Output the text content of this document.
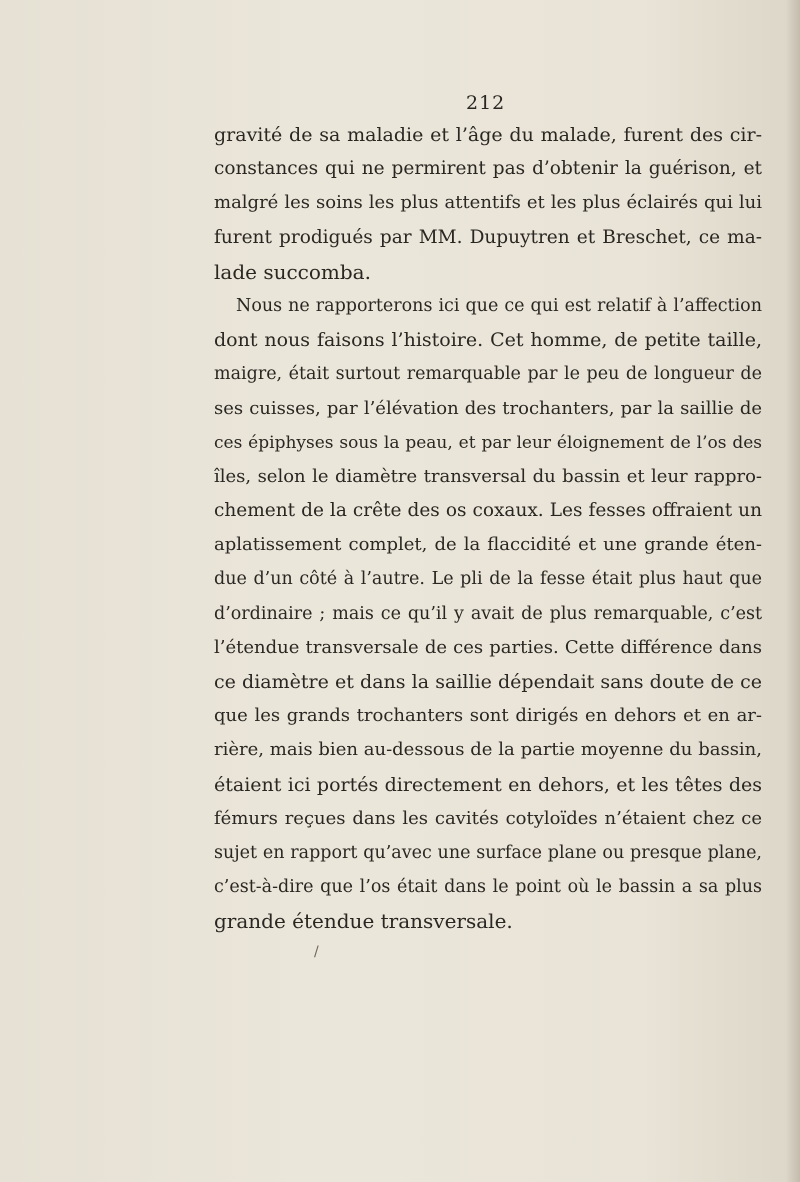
212
gravité de sa maladie et l’âge du malade, furent des cir-
constances qui ne permirent pas d’obtenir la guérison, et
malgré les soins les plus attentifs et les plus éclairés qui lui
furent prodigués par MM. Dupuytren et Breschet, ce ma-
lade succomba.
Nous ne rapporterons ici que ce qui est relatif à l’affection
dont nous faisons l’histoire. Cet homme, de petite taille,
maigre, était surtout remarquable par le peu de longueur de
ses cuisses, par l’élévation des trochanters, par la saillie de
ces épiphyses sous la peau, et par leur éloignement de l’os des
îles, selon le diamètre transversal du bassin et leur rappro-
chement de la crête des os coxaux. Les fesses offraient un
aplatissement complet, de la flaccidité et une grande éten-
due d’un côté à l’autre. Le pli de la fesse était plus haut que
d’ordinaire ; mais ce qu’il y avait de plus remarquable, c’est
l’étendue transversale de ces parties. Cette différence dans
ce diamètre et dans la saillie dépendait sans doute de ce
que les grands trochanters sont dirigés en dehors et en ar-
rière, mais bien au-dessous de la partie moyenne du bassin,
étaient ici portés directement en dehors, et les têtes des
fémurs reçues dans les cavités cotyloïdes n’étaient chez ce
sujet en rapport qu’avec une surface plane ou presque plane,
c’est-à-dire que l’os était dans le point où le bassin a sa plus
grande étendue transversale.
/
